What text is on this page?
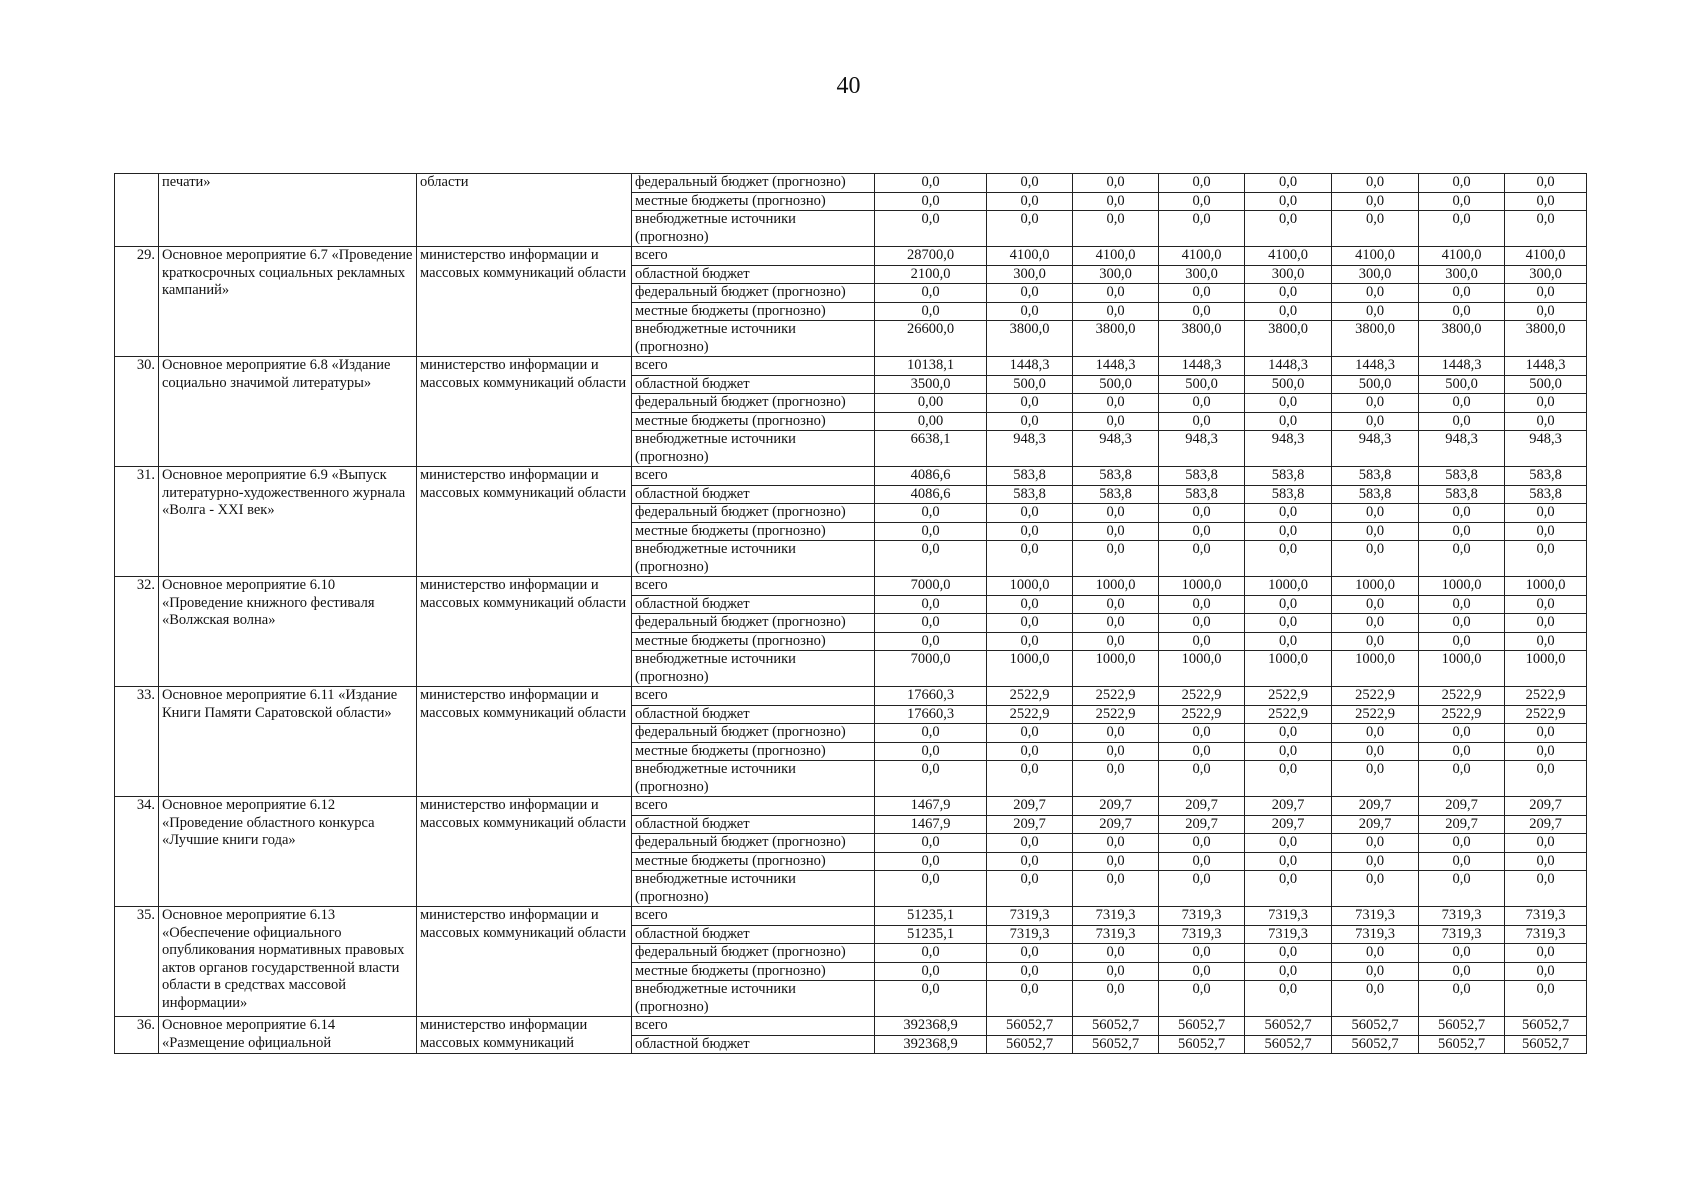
40
	печати»	области	федеральный бюджет (прогнозно)	0,0	0,0	0,0	0,0	0,0	0,0	0,0	0,0
			местные бюджеты (прогнозно)	0,0	0,0	0,0	0,0	0,0	0,0	0,0	0,0
			внебюджетные источники (прогнозно)	0,0	0,0	0,0	0,0	0,0	0,0	0,0	0,0
29.	Основное мероприятие 6.7 «Проведение краткосрочных социальных рекламных кампаний»	министерство информации и массовых коммуникаций области	всего	28700,0	4100,0	4100,0	4100,0	4100,0	4100,0	4100,0	4100,0
			областной бюджет	2100,0	300,0	300,0	300,0	300,0	300,0	300,0	300,0
			федеральный бюджет (прогнозно)	0,0	0,0	0,0	0,0	0,0	0,0	0,0	0,0
			местные бюджеты (прогнозно)	0,0	0,0	0,0	0,0	0,0	0,0	0,0	0,0
			внебюджетные источники (прогнозно)	26600,0	3800,0	3800,0	3800,0	3800,0	3800,0	3800,0	3800,0
30.	Основное мероприятие 6.8 «Издание социально значимой литературы»	министерство информации и массовых коммуникаций области	всего	10138,1	1448,3	1448,3	1448,3	1448,3	1448,3	1448,3	1448,3
			областной бюджет	3500,0	500,0	500,0	500,0	500,0	500,0	500,0	500,0
			федеральный бюджет (прогнозно)	0,00	0,0	0,0	0,0	0,0	0,0	0,0	0,0
			местные бюджеты (прогнозно)	0,00	0,0	0,0	0,0	0,0	0,0	0,0	0,0
			внебюджетные источники (прогнозно)	6638,1	948,3	948,3	948,3	948,3	948,3	948,3	948,3
31.	Основное мероприятие 6.9 «Выпуск литературно-художественного журнала «Волга - XXI век»	министерство информации и массовых коммуникаций области	всего	4086,6	583,8	583,8	583,8	583,8	583,8	583,8	583,8
			областной бюджет	4086,6	583,8	583,8	583,8	583,8	583,8	583,8	583,8
			федеральный бюджет (прогнозно)	0,0	0,0	0,0	0,0	0,0	0,0	0,0	0,0
			местные бюджеты (прогнозно)	0,0	0,0	0,0	0,0	0,0	0,0	0,0	0,0
			внебюджетные источники (прогнозно)	0,0	0,0	0,0	0,0	0,0	0,0	0,0	0,0
32.	Основное мероприятие 6.10 «Проведение книжного фестиваля «Волжская волна»	министерство информации и массовых коммуникаций области	всего	7000,0	1000,0	1000,0	1000,0	1000,0	1000,0	1000,0	1000,0
			областной бюджет	0,0	0,0	0,0	0,0	0,0	0,0	0,0	0,0
			федеральный бюджет (прогнозно)	0,0	0,0	0,0	0,0	0,0	0,0	0,0	0,0
			местные бюджеты (прогнозно)	0,0	0,0	0,0	0,0	0,0	0,0	0,0	0,0
			внебюджетные источники (прогнозно)	7000,0	1000,0	1000,0	1000,0	1000,0	1000,0	1000,0	1000,0
33.	Основное мероприятие 6.11 «Издание Книги Памяти Саратовской области»	министерство информации и массовых коммуникаций области	всего	17660,3	2522,9	2522,9	2522,9	2522,9	2522,9	2522,9	2522,9
			областной бюджет	17660,3	2522,9	2522,9	2522,9	2522,9	2522,9	2522,9	2522,9
			федеральный бюджет (прогнозно)	0,0	0,0	0,0	0,0	0,0	0,0	0,0	0,0
			местные бюджеты (прогнозно)	0,0	0,0	0,0	0,0	0,0	0,0	0,0	0,0
			внебюджетные источники (прогнозно)	0,0	0,0	0,0	0,0	0,0	0,0	0,0	0,0
34.	Основное мероприятие 6.12 «Проведение областного конкурса «Лучшие книги года»	министерство информации и массовых коммуникаций области	всего	1467,9	209,7	209,7	209,7	209,7	209,7	209,7	209,7
			областной бюджет	1467,9	209,7	209,7	209,7	209,7	209,7	209,7	209,7
			федеральный бюджет (прогнозно)	0,0	0,0	0,0	0,0	0,0	0,0	0,0	0,0
			местные бюджеты (прогнозно)	0,0	0,0	0,0	0,0	0,0	0,0	0,0	0,0
			внебюджетные источники (прогнозно)	0,0	0,0	0,0	0,0	0,0	0,0	0,0	0,0
35.	Основное мероприятие 6.13 «Обеспечение официального опубликования нормативных правовых актов органов государственной власти области в средствах массовой информации»	министерство информации и массовых коммуникаций области	всего	51235,1	7319,3	7319,3	7319,3	7319,3	7319,3	7319,3	7319,3
			областной бюджет	51235,1	7319,3	7319,3	7319,3	7319,3	7319,3	7319,3	7319,3
			федеральный бюджет (прогнозно)	0,0	0,0	0,0	0,0	0,0	0,0	0,0	0,0
			местные бюджеты (прогнозно)	0,0	0,0	0,0	0,0	0,0	0,0	0,0	0,0
			внебюджетные источники (прогнозно)	0,0	0,0	0,0	0,0	0,0	0,0	0,0	0,0
36.	Основное мероприятие 6.14 «Размещение официальной	министерство информации массовых коммуникаций	всего	392368,9	56052,7	56052,7	56052,7	56052,7	56052,7	56052,7	56052,7
			областной бюджет	392368,9	56052,7	56052,7	56052,7	56052,7	56052,7	56052,7	56052,7
